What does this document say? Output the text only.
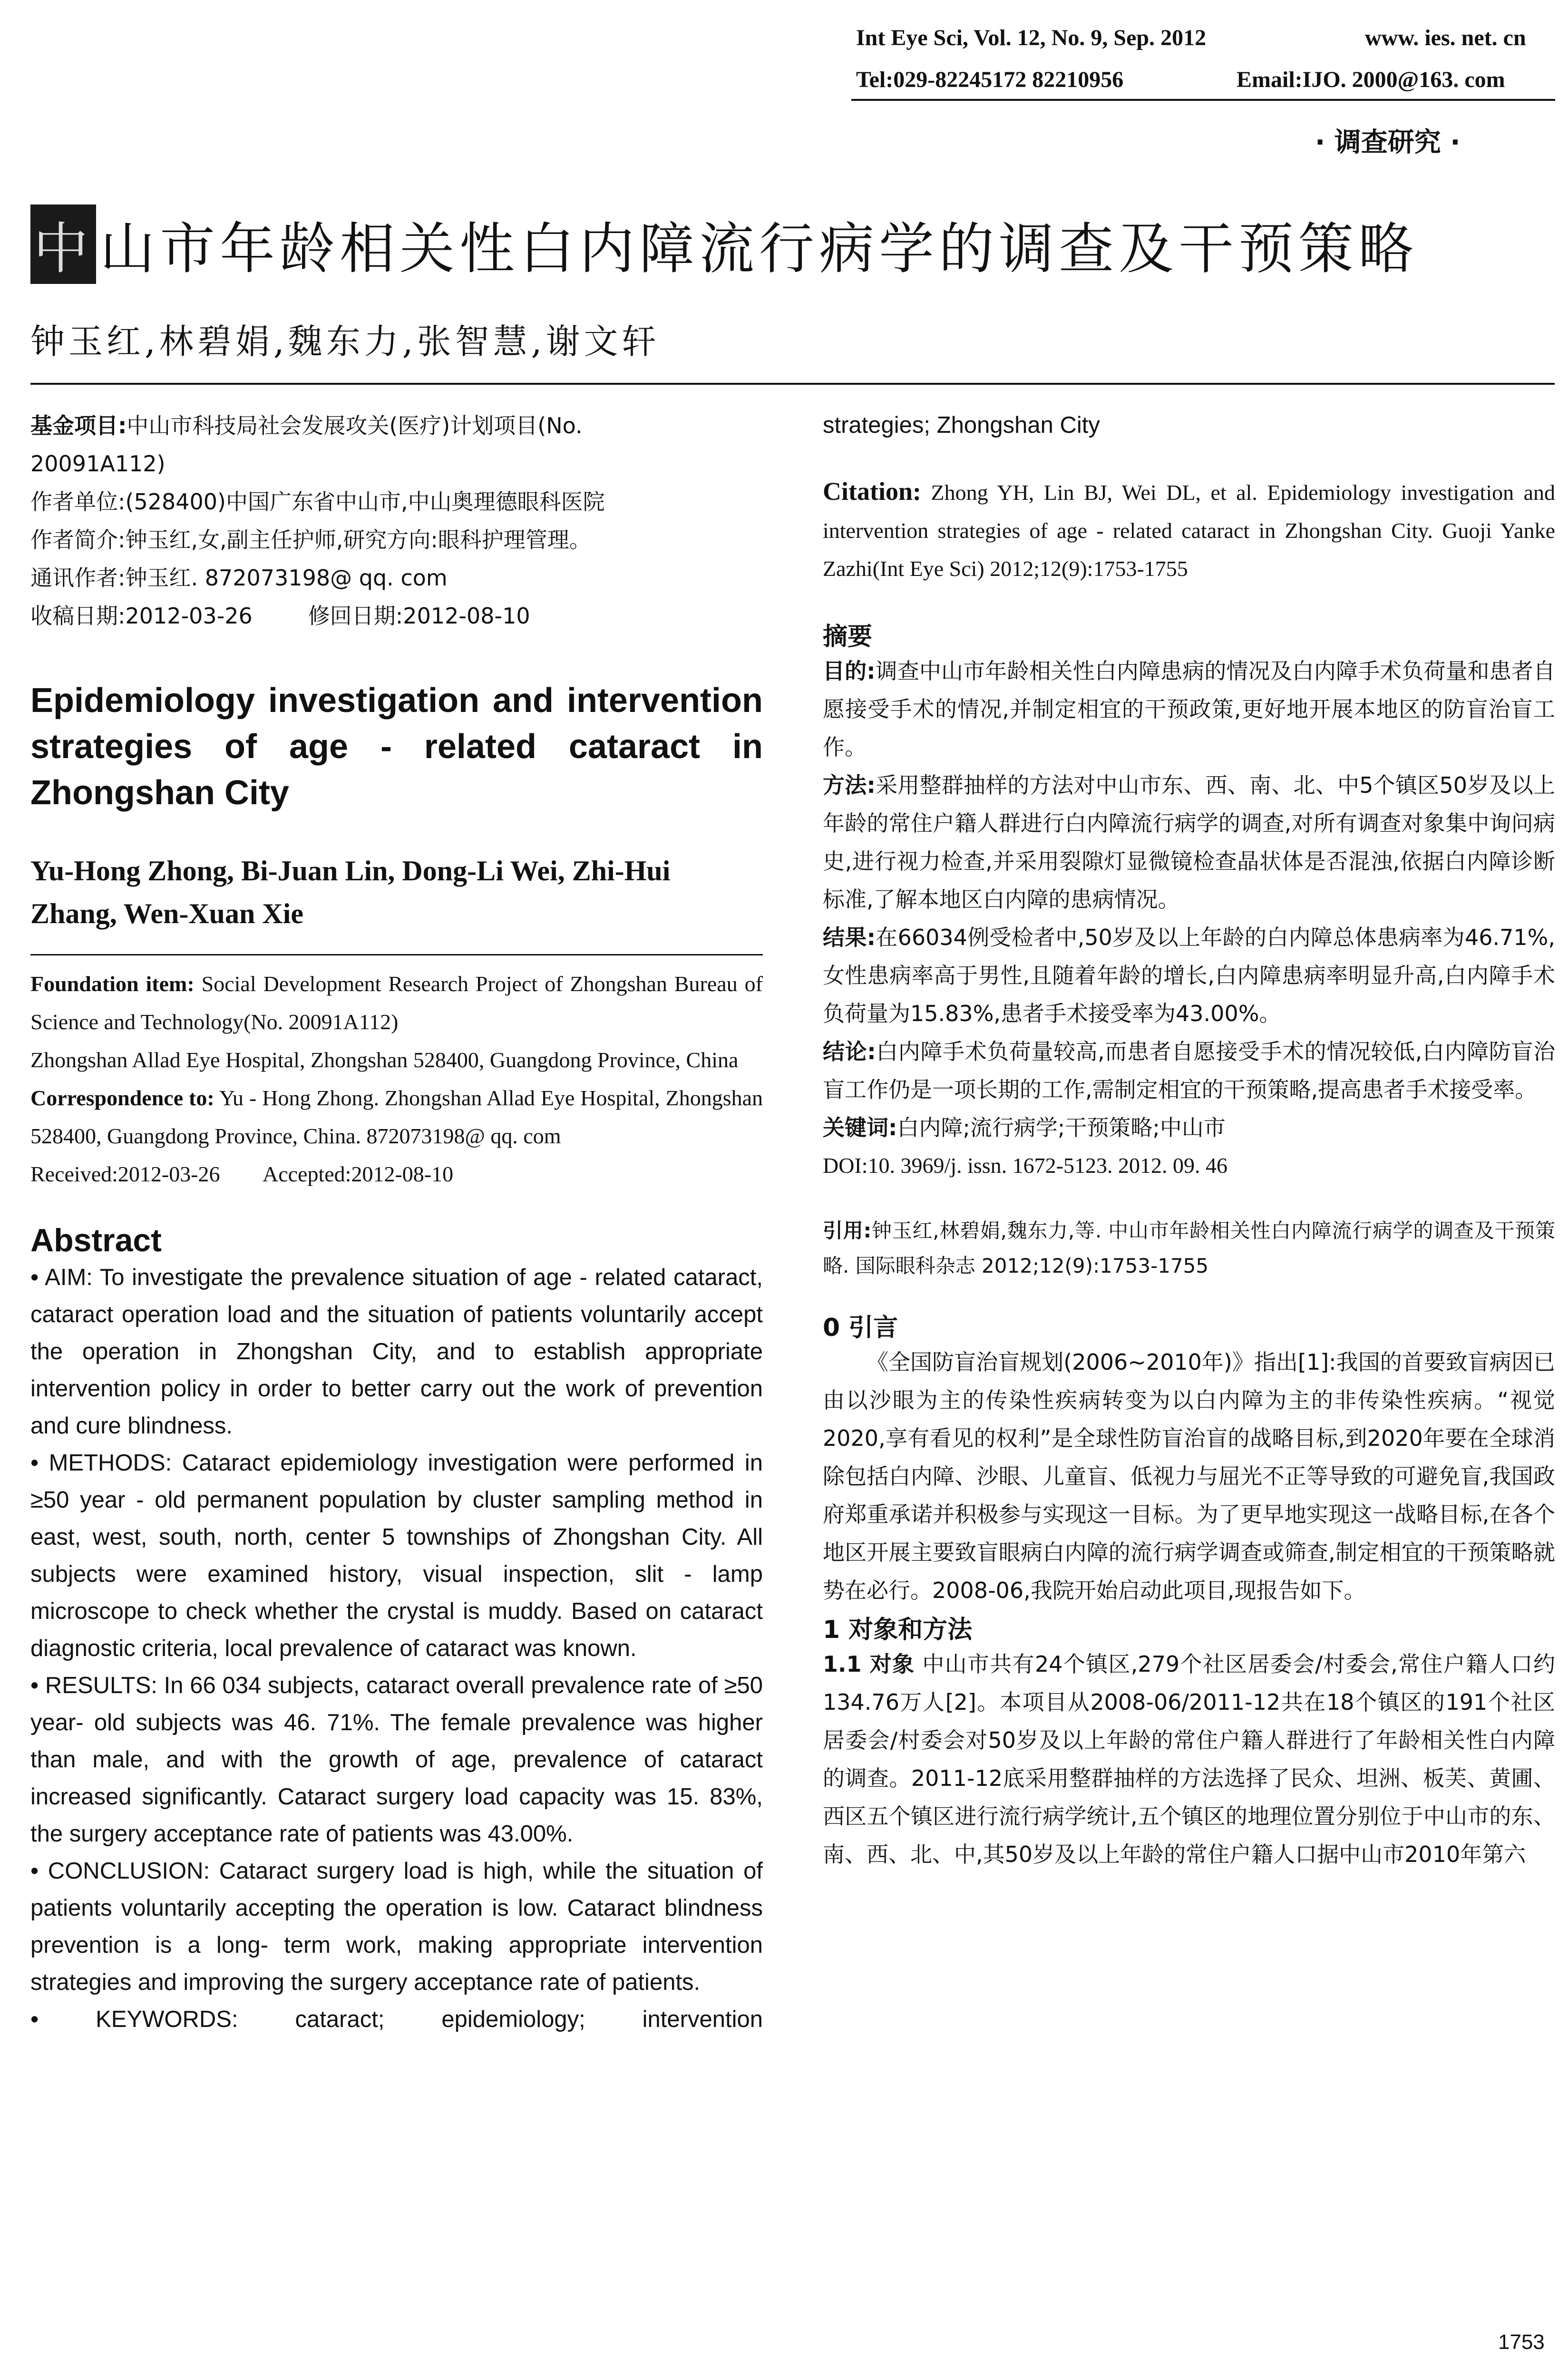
Int Eye Sci, Vol. 12, No. 9, Sep. 2012	www. ies. net. cn
Tel:029-82245172 82210956	Email:IJO. 2000@163. com
· 调查研究 ·
中 山市年龄相关性白内障流行病学的调查及干预策略
钟玉红,林碧娟,魏东力,张智慧,谢文轩
基金项目:中山市科技局社会发展攻关(医疗)计划项目(No.
20091A112)
作者单位:(528400)中国广东省中山市,中山奥理德眼科医院
作者简介:钟玉红,女,副主任护师,研究方向:眼科护理管理。
通讯作者:钟玉红. 872073198@ qq. com
收稿日期:2012-03-26        修回日期:2012-08-10

Epidemiology investigation and intervention strategies of age - related cataract in Zhongshan City

Yu-Hong Zhong, Bi-Juan Lin, Dong-Li Wei, Zhi-Hui Zhang, Wen-Xuan Xie

Foundation item: Social Development Research Project of Zhongshan Bureau of Science and Technology(No. 20091A112)
Zhongshan Allad Eye Hospital, Zhongshan 528400, Guangdong Province, China
Correspondence to: Yu - Hong Zhong. Zhongshan Allad Eye Hospital, Zhongshan 528400, Guangdong Province, China. 872073198@ qq. com
Received:2012-03-26        Accepted:2012-08-10

Abstract

• AIM: To investigate the prevalence situation of age - related cataract, cataract operation load and the situation of patients voluntarily accept the operation in Zhongshan City, and to establish appropriate intervention policy in order to better carry out the work of prevention and cure blindness.
• METHODS: Cataract epidemiology investigation were performed in ≥50 year - old permanent population by cluster sampling method in east, west, south, north, center 5 townships of Zhongshan City. All subjects were examined history, visual inspection, slit - lamp microscope to check whether the crystal is muddy. Based on cataract diagnostic criteria, local prevalence of cataract was known.
• RESULTS: In 66 034 subjects, cataract overall prevalence rate of ≥50 year- old subjects was 46. 71%. The female prevalence was higher than male, and with the growth of age, prevalence of cataract increased significantly. Cataract surgery load capacity was 15. 83%, the surgery acceptance rate of patients was 43.00%.
• CONCLUSION: Cataract surgery load is high, while the situation of patients voluntarily accepting the operation is low. Cataract blindness prevention is a long- term work, making appropriate intervention strategies and improving the surgery acceptance rate of patients.
• KEYWORDS: cataract; epidemiology; intervention
strategies; Zhongshan City
Citation: Zhong YH, Lin BJ, Wei DL, et al. Epidemiology investigation and intervention strategies of age - related cataract in Zhongshan City. Guoji Yanke Zazhi(Int Eye Sci) 2012;12(9):1753-1755
摘要
目的:调查中山市年龄相关性白内障患病的情况及白内障手术负荷量和患者自愿接受手术的情况,并制定相宜的干预政策,更好地开展本地区的防盲治盲工作。
方法:采用整群抽样的方法对中山市东、西、南、北、中5个镇区50岁及以上年龄的常住户籍人群进行白内障流行病学的调查,对所有调查对象集中询问病史,进行视力检查,并采用裂隙灯显微镜检查晶状体是否混浊,依据白内障诊断标准,了解本地区白内障的患病情况。
结果:在66034例受检者中,50岁及以上年龄的白内障总体患病率为46.71%,女性患病率高于男性,且随着年龄的增长,白内障患病率明显升高,白内障手术负荷量为15.83%,患者手术接受率为43.00%。
结论:白内障手术负荷量较高,而患者自愿接受手术的情况较低,白内障防盲治盲工作仍是一项长期的工作,需制定相宜的干预策略,提高患者手术接受率。
关键词:白内障;流行病学;干预策略;中山市
DOI:10. 3969/j. issn. 1672-5123. 2012. 09. 46
引用:钟玉红,林碧娟,魏东力,等. 中山市年龄相关性白内障流行病学的调查及干预策略. 国际眼科杂志 2012;12(9):1753-1755
0 引言
《全国防盲治盲规划(2006~2010年)》指出[1]:我国的首要致盲病因已由以沙眼为主的传染性疾病转变为以白内障为主的非传染性疾病。“视觉2020,享有看见的权利”是全球性防盲治盲的战略目标,到2020年要在全球消除包括白内障、沙眼、儿童盲、低视力与屈光不正等导致的可避免盲,我国政府郑重承诺并积极参与实现这一目标。为了更早地实现这一战略目标,在各个地区开展主要致盲眼病白内障的流行病学调查或筛查,制定相宜的干预策略就势在必行。2008-06,我院开始启动此项目,现报告如下。
1 对象和方法
1.1 对象 中山市共有24个镇区,279个社区居委会/村委会,常住户籍人口约134.76万人[2]。本项目从2008-06/2011-12共在18个镇区的191个社区居委会/村委会对50岁及以上年龄的常住户籍人群进行了年龄相关性白内障的调查。2011-12底采用整群抽样的方法选择了民众、坦洲、板芙、黄圃、西区五个镇区进行流行病学统计,五个镇区的地理位置分别位于中山市的东、南、西、北、中,其50岁及以上年龄的常住户籍人口据中山市2010年第六
1753
